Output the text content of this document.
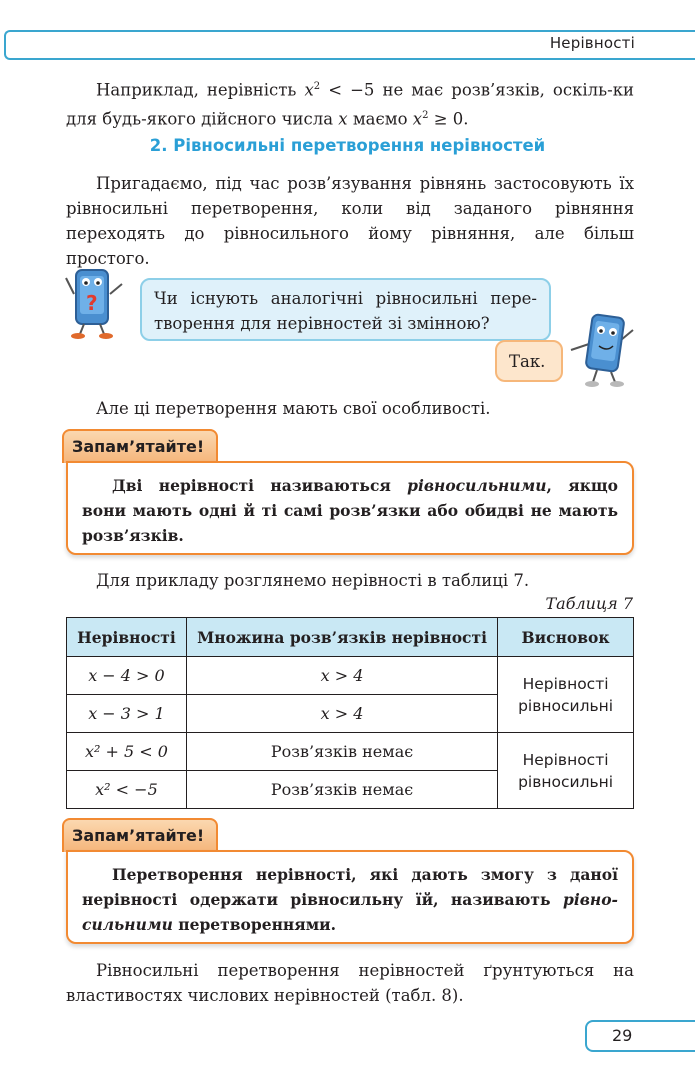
Нерівності

Наприклад, нерівність $x^2 < -5$ не має розв’язків, оскіль-ки для будь-якого дійсного числа x маємо $x^2 \ge 0$.

2. Рівносильні перетворення нерівностей

Пригадаємо, під час розв’язування рівнянь застосовують їх рівносильні перетворення, коли від заданого рівняння переходять до рівносильного йому рівняння, але більш простого.

?	Чи існують аналогічні рівносильні пере-творення для нерівностей зі змінною?
Так.

Але ці перетворення мають свої особливості.

Запам’ятайте!
Дві нерівності називаються рівносильними, якщо вони мають одні й ті самі розв’язки або обидві не мають розв’язків.

Для прикладу розглянемо нерівності в таблиці 7.

Таблиця 7
Нерівності	Множина розв’язків нерівності	Висновок
x − 4 > 0	x > 4	Нерівності рівносильні
x − 3 > 1	x > 4	
x² + 5 < 0	Розв’язків немає	Нерівності рівносильні
x² < −5	Розв’язків немає	
Запам’ятайте!
Перетворення нерівності, які дають змогу з даної нерівності одержати рівносильну їй, називають рівно-сильними перетвореннями.

Рівносильні перетворення нерівностей ґрунтуються на властивостях числових нерівностей (табл. 8).

29
